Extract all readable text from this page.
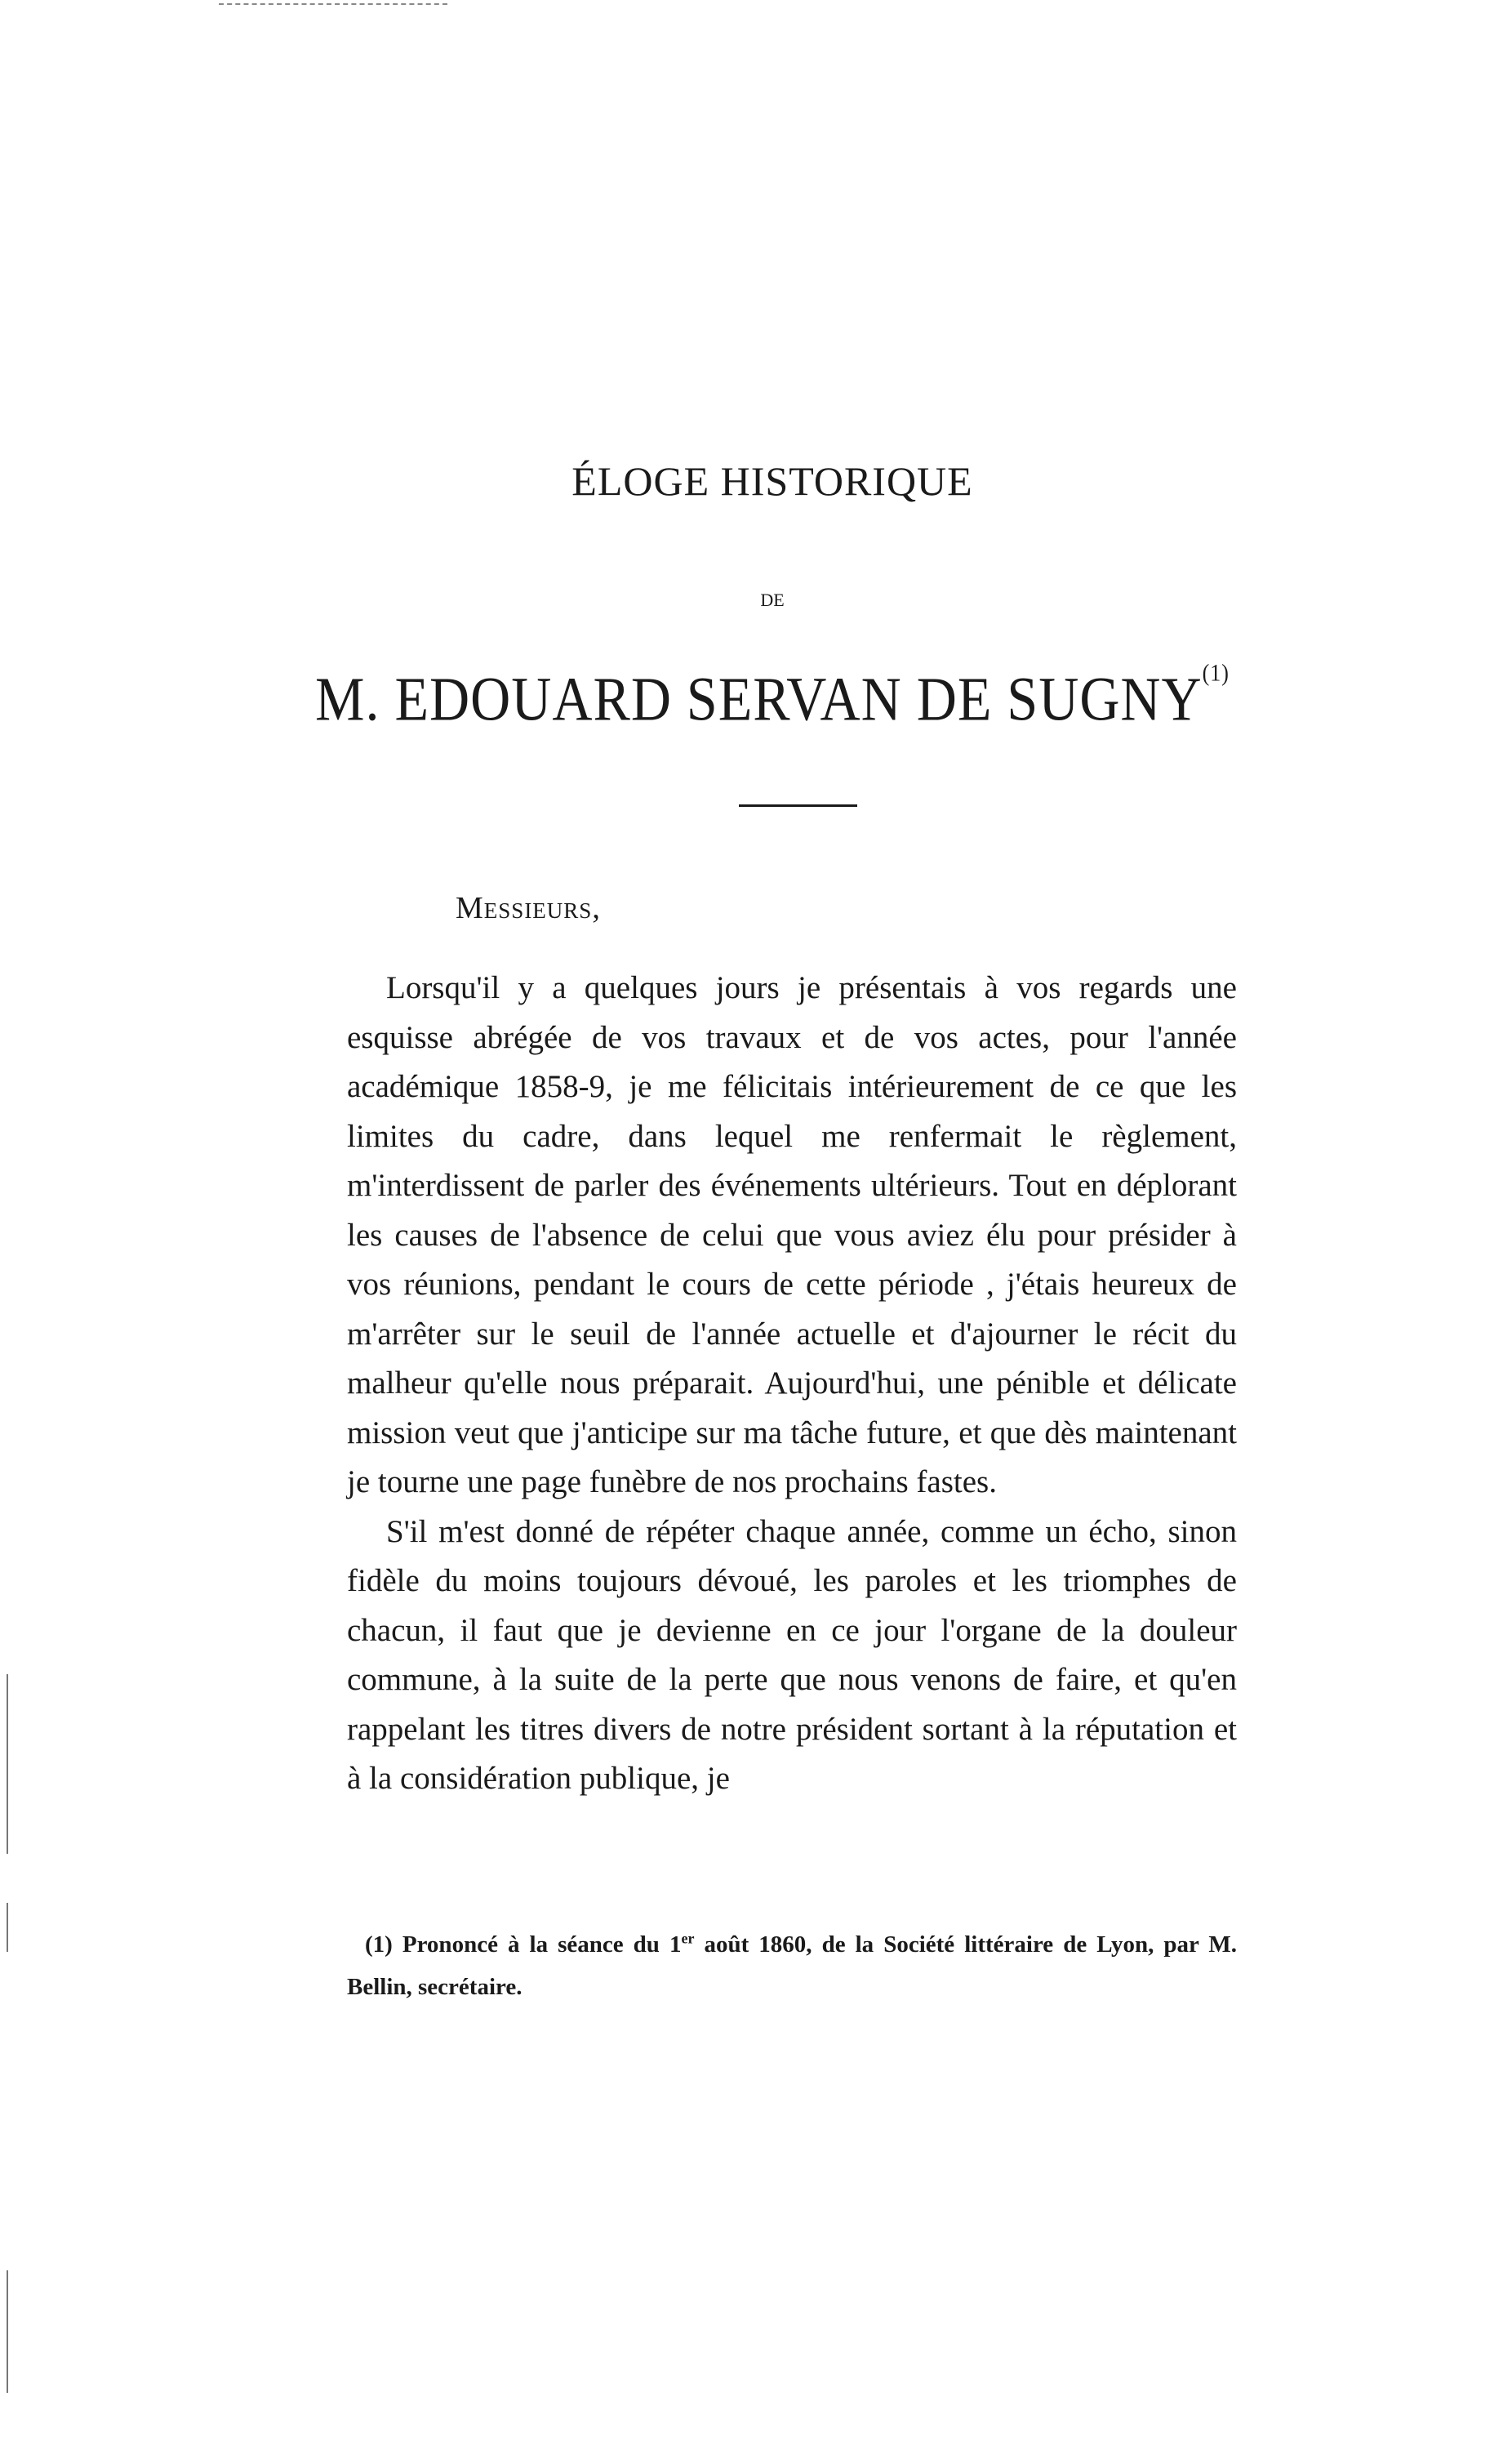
ÉLOGE HISTORIQUE
DE
M. EDOUARD SERVAN DE SUGNY$^{(1)}$
Messieurs,

Lorsqu'il y a quelques jours je présentais à vos regards une esquisse abrégée de vos travaux et de vos actes, pour l'année académique 1858-9, je me félicitais intérieurement de ce que les limites du cadre, dans lequel me renfermait le règlement, m'interdissent de parler des événements ultérieurs. Tout en déplorant les causes de l'absence de celui que vous aviez élu pour présider à vos réunions, pendant le cours de cette période , j'étais heureux de m'arrêter sur le seuil de l'année actuelle et d'ajourner le récit du malheur qu'elle nous préparait. Aujourd'hui, une pénible et délicate mission veut que j'anticipe sur ma tâche future, et que dès maintenant je tourne une page funèbre de nos prochains fastes.

S'il m'est donné de répéter chaque année, comme un écho, sinon fidèle du moins toujours dévoué, les paroles et les triomphes de chacun, il faut que je devienne en ce jour l'organe de la douleur commune, à la suite de la perte que nous venons de faire, et qu'en rappelant les titres divers de notre président sortant à la réputation et à la considération publique, je

(1) Prononcé à la séance du 1er août 1860, de la Société littéraire de Lyon, par M. Bellin, secrétaire.
